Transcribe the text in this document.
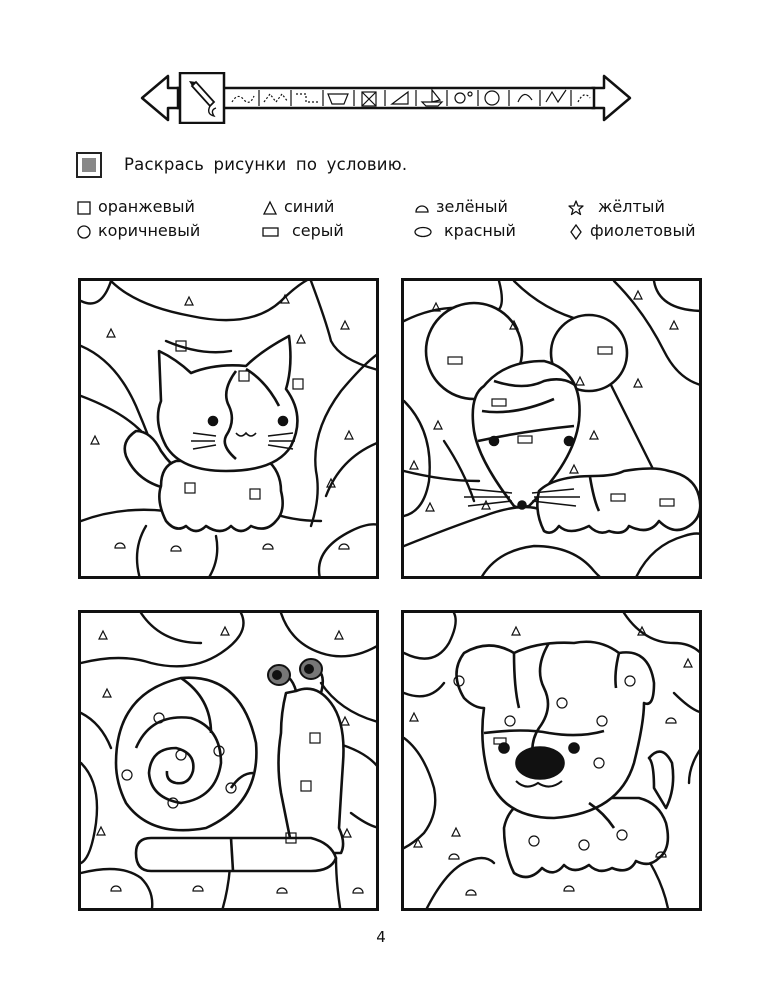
Раскрась рисунки по условию.
оранжевый	синий	зелёный	жёлтый
коричневый	серый	красный	фиолетовый
4
